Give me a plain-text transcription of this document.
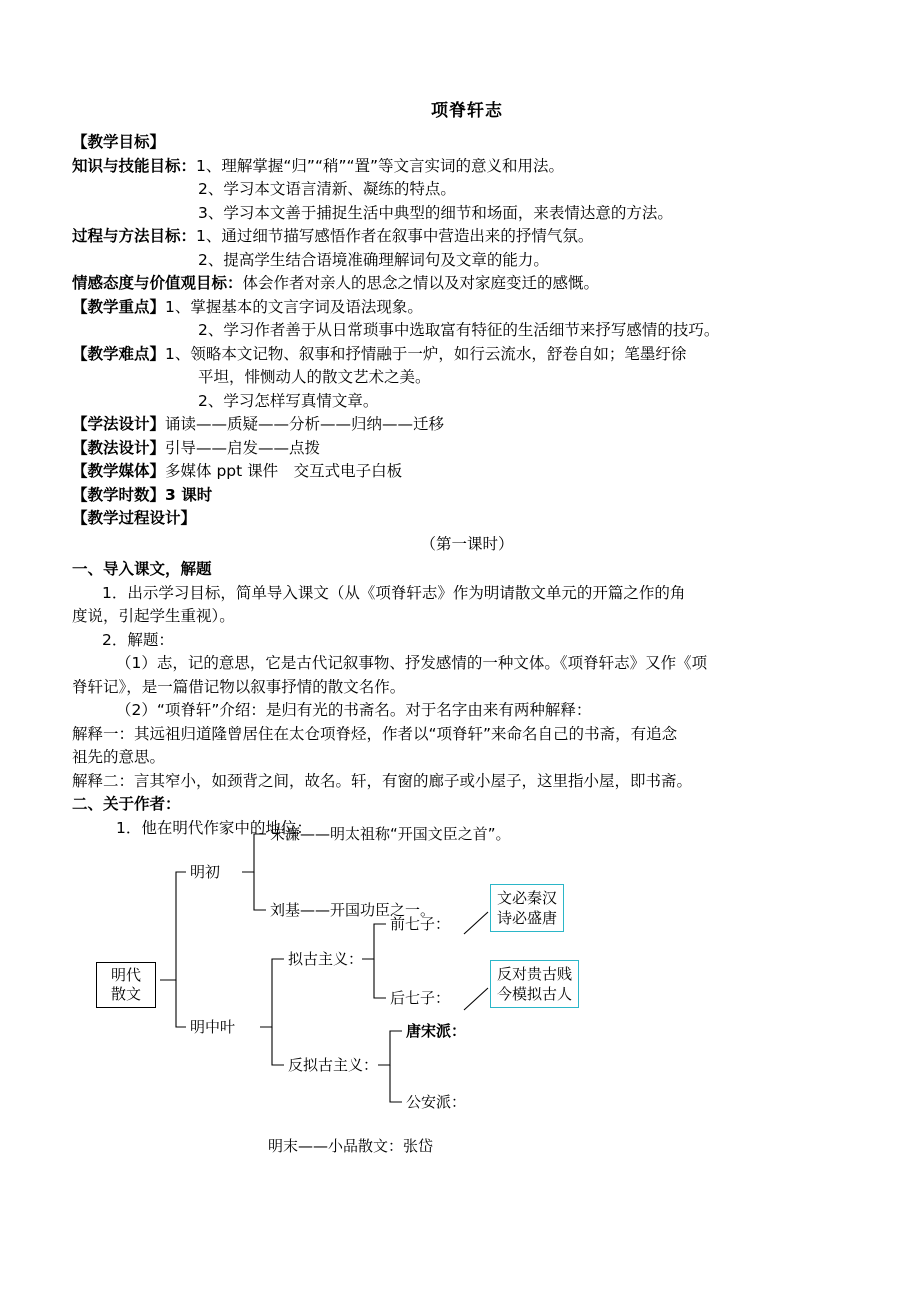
项脊轩志
【教学目标】
知识与技能目标：1、理解掌握“归”“稍”“置”等文言实词的意义和用法。
2、学习本文语言清新、凝练的特点。
3、学习本文善于捕捉生活中典型的细节和场面，来表情达意的方法。
过程与方法目标：1、通过细节描写感悟作者在叙事中营造出来的抒情气氛。
2、提高学生结合语境准确理解词句及文章的能力。
情感态度与价值观目标：体会作者对亲人的思念之情以及对家庭变迁的感慨。
【教学重点】1、掌握基本的文言字词及语法现象。
2、学习作者善于从日常琐事中选取富有特征的生活细节来抒写感情的技巧。
【教学难点】1、领略本文记物、叙事和抒情融于一炉，如行云流水，舒卷自如；笔墨纡徐
平坦，悱恻动人的散文艺术之美。
2、学习怎样写真情文章。
【学法设计】诵读——质疑——分析——归纳——迁移
【教法设计】引导——启发——点拨
【教学媒体】多媒体 ppt 课件　交互式电子白板
【教学时数】3 课时
【教学过程设计】
（第一课时）
一、导入课文，解题
1．出示学习目标，简单导入课文（从《项脊轩志》作为明请散文单元的开篇之作的角
度说，引起学生重视）。
2．解题：
（1）志，记的意思，它是古代记叙事物、抒发感情的一种文体。《项脊轩志》又作《项
脊轩记》，是一篇借记物以叙事抒情的散文名作。
（2）“项脊轩”介绍：是归有光的书斋名。对于名字由来有两种解释：
解释一：其远祖归道隆曾居住在太仓项脊烃，作者以“项脊轩”来命名自己的书斋，有追念
祖先的意思。
解释二：言其窄小，如颈背之间，故名。轩，有窗的廊子或小屋子，这里指小屋，即书斋。
二、关于作者：
1．他在明代作家中的地位：
明代
散文
明初
明中叶
宋濂——明太祖称“开国文臣之首”。
刘基——开国功臣之一。
拟古主义：
反拟古主义：
前七子：
后七子：
唐宋派：
公安派：
明末——小品散文：张岱
文必秦汉
诗必盛唐
反对贵古贱
今模拟古人
